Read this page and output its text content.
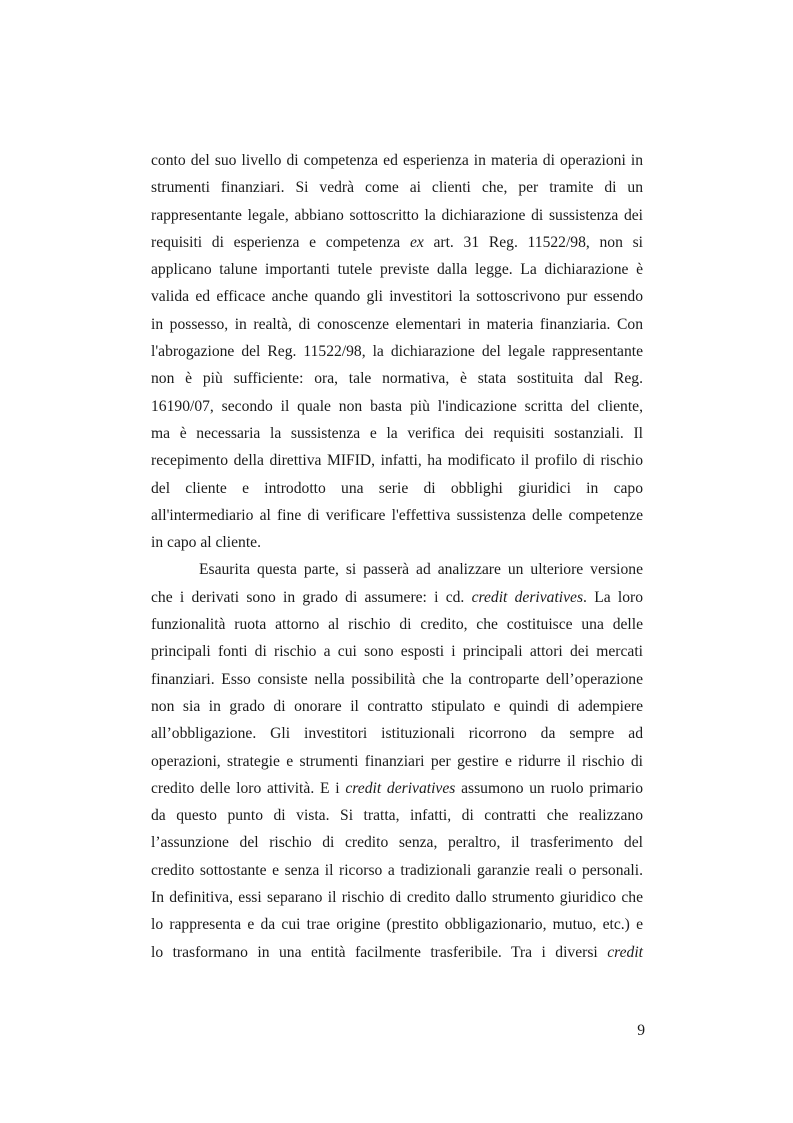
conto del suo livello di competenza ed esperienza in materia di operazioni in
strumenti finanziari. Si vedrà come ai clienti che, per tramite di un
rappresentante legale, abbiano sottoscritto la dichiarazione di sussistenza dei
requisiti di esperienza e competenza ex art. 31 Reg. 11522/98, non si
applicano talune importanti tutele previste dalla legge. La dichiarazione è
valida ed efficace anche quando gli investitori la sottoscrivono pur essendo
in possesso, in realtà, di conoscenze elementari in materia finanziaria. Con
l'abrogazione del Reg. 11522/98, la dichiarazione del legale rappresentante
non è più sufficiente: ora, tale normativa, è stata sostituita dal Reg.
16190/07, secondo il quale non basta più l'indicazione scritta del cliente,
ma è necessaria la sussistenza e la verifica dei requisiti sostanziali. Il
recepimento della direttiva MIFID, infatti, ha modificato il profilo di rischio
del cliente e introdotto una serie di obblighi giuridici in capo
all'intermediario al fine di verificare l'effettiva sussistenza delle competenze
in capo al cliente.
Esaurita questa parte, si passerà ad analizzare un ulteriore versione
che i derivati sono in grado di assumere: i cd. credit derivatives. La loro
funzionalità ruota attorno al rischio di credito, che costituisce una delle
principali fonti di rischio a cui sono esposti i principali attori dei mercati
finanziari. Esso consiste nella possibilità che la controparte dell’operazione
non sia in grado di onorare il contratto stipulato e quindi di adempiere
all’obbligazione. Gli investitori istituzionali ricorrono da sempre ad
operazioni, strategie e strumenti finanziari per gestire e ridurre il rischio di
credito delle loro attività. E i credit derivatives assumono un ruolo primario
da questo punto di vista. Si tratta, infatti, di contratti che realizzano
l’assunzione del rischio di credito senza, peraltro, il trasferimento del
credito sottostante e senza il ricorso a tradizionali garanzie reali o personali.
In definitiva, essi separano il rischio di credito dallo strumento giuridico che
lo rappresenta e da cui trae origine (prestito obbligazionario, mutuo, etc.) e
lo trasformano in una entità facilmente trasferibile. Tra i diversi credit
9
